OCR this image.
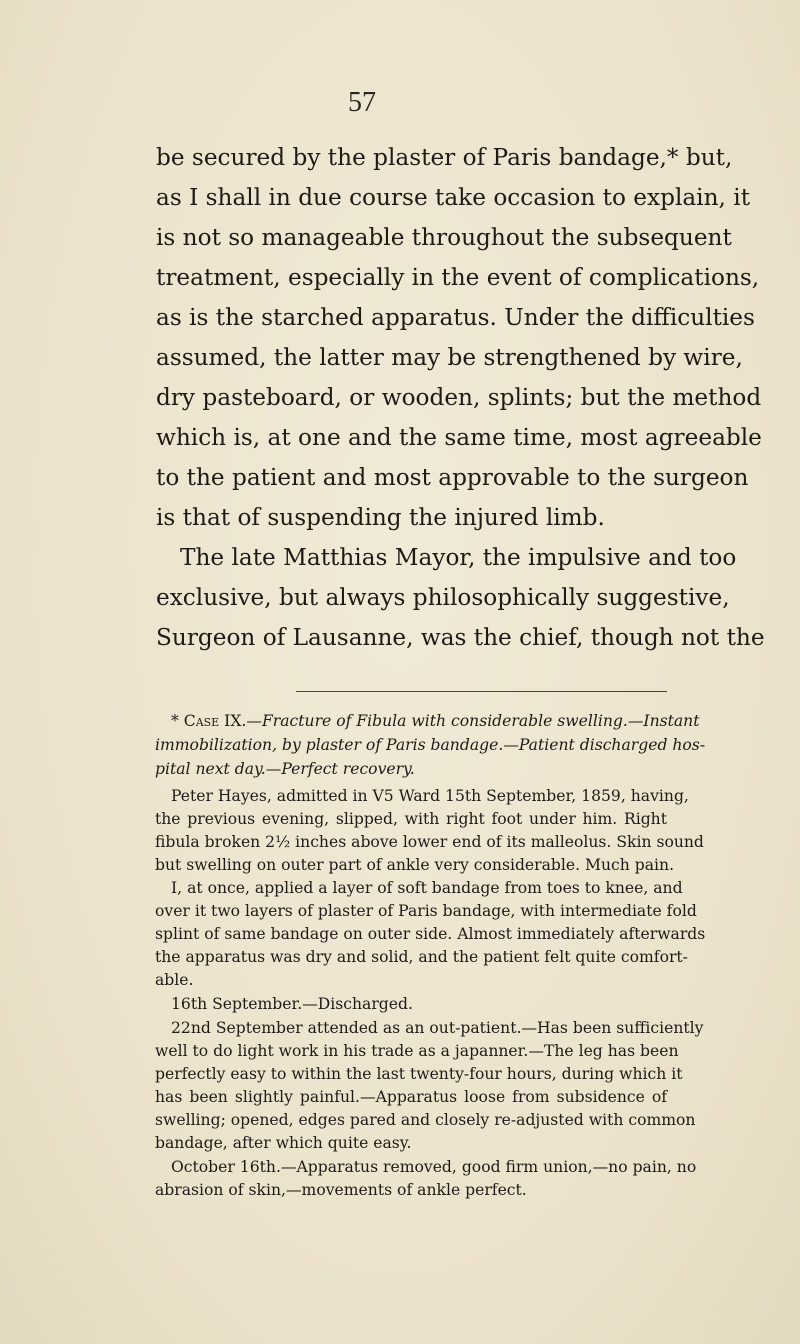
57
be secured by the plaster of Paris bandage,* but,
as I shall in due course take occasion to explain, it
is not so manageable throughout the subsequent
treatment, especially in the event of complications,
as is the starched apparatus. Under the difficulties
assumed, the latter may be strengthened by wire,
dry pasteboard, or wooden, splints; but the method
which is, at one and the same time, most agreeable
to the patient and most approvable to the surgeon
is that of suspending the injured limb.
The late Matthias Mayor, the impulsive and too
exclusive, but always philosophically suggestive,
Surgeon of Lausanne, was the chief, though not the
* Case IX.—Fracture of Fibula with considerable swelling.—Instant
immobilization, by plaster of Paris bandage.—Patient discharged hos-
pital next day.—Perfect recovery.
Peter Hayes, admitted in V5 Ward 15th September, 1859, having,
the previous evening, slipped, with right foot under him. Right
fibula broken 2½ inches above lower end of its malleolus. Skin sound
but swelling on outer part of ankle very considerable. Much pain.
I, at once, applied a layer of soft bandage from toes to knee, and
over it two layers of plaster of Paris bandage, with intermediate fold
splint of same bandage on outer side. Almost immediately afterwards
the apparatus was dry and solid, and the patient felt quite comfort-
able.
16th September.—Discharged.
22nd September attended as an out-patient.—Has been sufficiently
well to do light work in his trade as a japanner.—The leg has been
perfectly easy to within the last twenty-four hours, during which it
has been slightly painful.—Apparatus loose from subsidence of
swelling; opened, edges pared and closely re-adjusted with common
bandage, after which quite easy.
October 16th.—Apparatus removed, good firm union,—no pain, no
abrasion of skin,—movements of ankle perfect.
